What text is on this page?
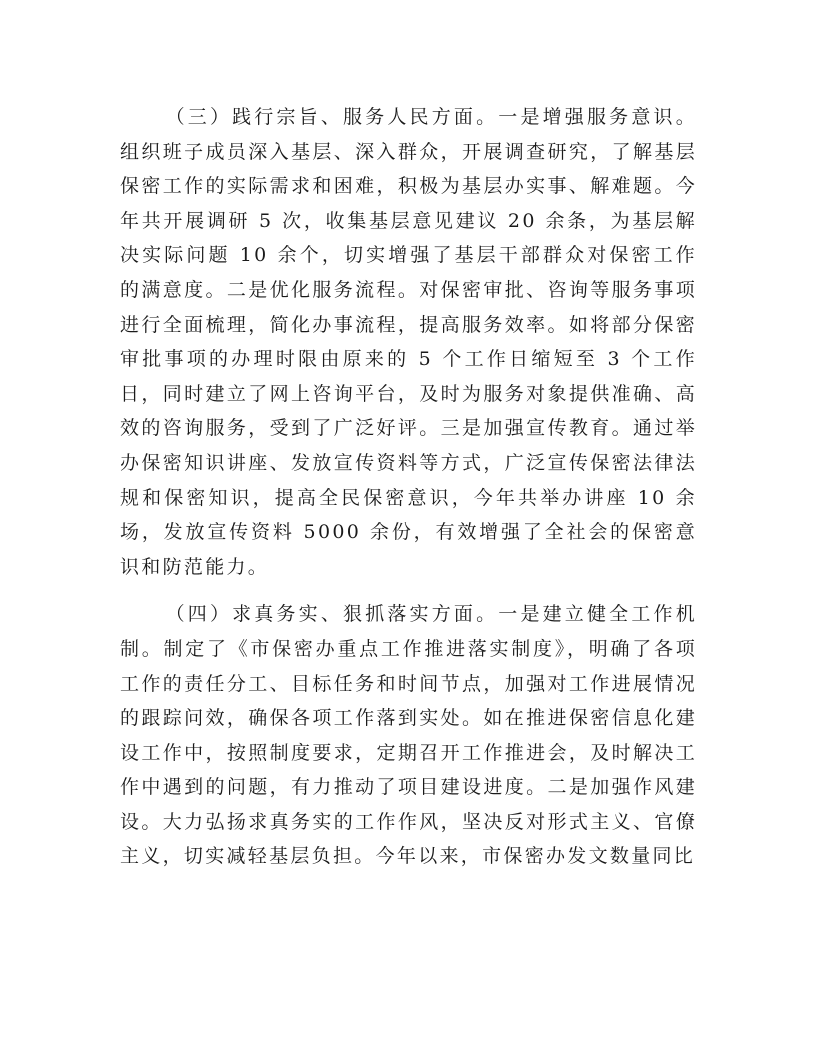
（三）践行宗旨、服务人民方面。一是增强服务意识。组织班子成员深入基层、深入群众，开展调查研究，了解基层保密工作的实际需求和困难，积极为基层办实事、解难题。今年共开展调研 5 次，收集基层意见建议 20 余条，为基层解决实际问题 10 余个，切实增强了基层干部群众对保密工作的满意度。二是优化服务流程。对保密审批、咨询等服务事项进行全面梳理，简化办事流程，提高服务效率。如将部分保密审批事项的办理时限由原来的 5 个工作日缩短至 3 个工作日，同时建立了网上咨询平台，及时为服务对象提供准确、高效的咨询服务，受到了广泛好评。三是加强宣传教育。通过举办保密知识讲座、发放宣传资料等方式，广泛宣传保密法律法规和保密知识，提高全民保密意识，今年共举办讲座 10 余场，发放宣传资料 5000 余份，有效增强了全社会的保密意识和防范能力。

（四）求真务实、狠抓落实方面。一是建立健全工作机制。制定了《市保密办重点工作推进落实制度》，明确了各项工作的责任分工、目标任务和时间节点，加强对工作进展情况的跟踪问效，确保各项工作落到实处。如在推进保密信息化建设工作中，按照制度要求，定期召开工作推进会，及时解决工作中遇到的问题，有力推动了项目建设进度。二是加强作风建设。大力弘扬求真务实的工作作风，坚决反对形式主义、官僚主义，切实减轻基层负担。今年以来，市保密办发文数量同比
